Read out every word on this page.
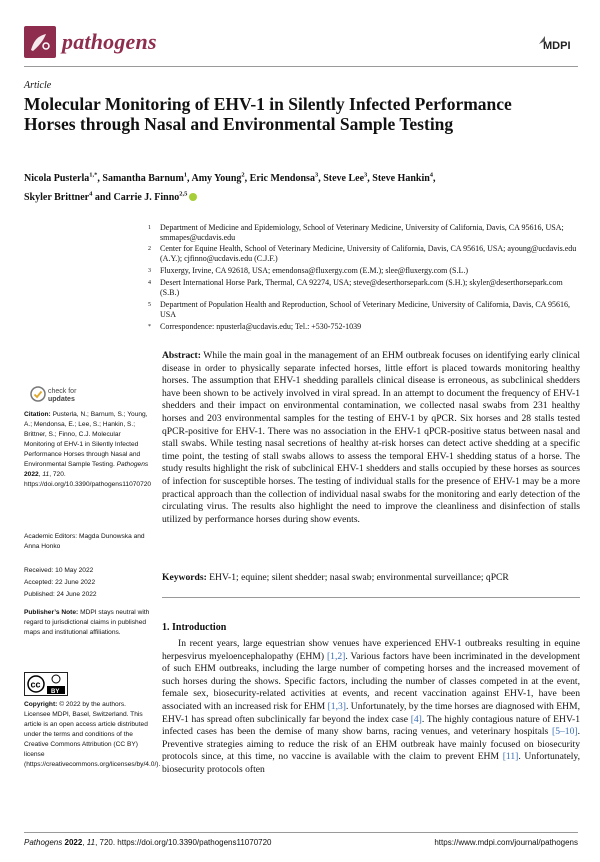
pathogens	MDPI
Article
Molecular Monitoring of EHV-1 in Silently Infected Performance Horses through Nasal and Environmental Sample Testing
Nicola Pusterla$^{1,*}$, Samantha Barnum$^1$, Amy Young$^2$, Eric Mendonsa$^3$, Steve Lee$^3$, Steve Hankin$^4$,
Skyler Brittner$^4$ and Carrie J. Finno$^{2,5}$
1 Department of Medicine and Epidemiology, School of Veterinary Medicine, University of California, Davis, CA 95616, USA; smmapes@ucdavis.edu
2 Center for Equine Health, School of Veterinary Medicine, University of California, Davis, CA 95616, USA; ayoung@ucdavis.edu (A.Y.); cjfinno@ucdavis.edu (C.J.F.)
3 Fluxergy, Irvine, CA 92618, USA; emendonsa@fluxergy.com (E.M.); slee@fluxergy.com (S.L.)
4 Desert International Horse Park, Thermal, CA 92274, USA; steve@deserthorsepark.com (S.H.); skyler@deserthorsepark.com (S.B.)
5 Department of Population Health and Reproduction, School of Veterinary Medicine, University of California, Davis, CA 95616, USA
* Correspondence: npusterla@ucdavis.edu; Tel.: +530-752-1039
check for
updates
Citation: Pusterla, N.; Barnum, S.; Young, A.; Mendonsa, E.; Lee, S.; Hankin, S.; Brittner, S.; Finno, C.J. Molecular Monitoring of EHV-1 in Silently Infected Performance Horses through Nasal and Environmental Sample Testing. Pathogens 2022, 11, 720. https://doi.org/10.3390/pathogens11070720
Academic Editors: Magda Dunowska and Anna Honko
Received: 10 May 2022
Accepted: 22 June 2022
Published: 24 June 2022
Publisher’s Note: MDPI stays neutral with regard to jurisdictional claims in published maps and institutional affiliations.
cc
BY
Copyright: © 2022 by the authors. Licensee MDPI, Basel, Switzerland. This article is an open access article distributed under the terms and conditions of the Creative Commons Attribution (CC BY) license (https://creativecommons.org/licenses/by/4.0/).
Abstract: While the main goal in the management of an EHM outbreak focuses on identifying early clinical disease in order to physically separate infected horses, little effort is placed towards monitoring healthy horses. The assumption that EHV-1 shedding parallels clinical disease is erroneous, as subclinical shedders have been shown to be actively involved in viral spread. In an attempt to document the frequency of EHV-1 shedders and their impact on environmental contamination, we collected nasal swabs from 231 healthy horses and 203 environmental samples for the testing of EHV-1 by qPCR. Six horses and 28 stalls tested qPCR-positive for EHV-1. There was no association in the EHV-1 qPCR-positive status between nasal and stall swabs. While testing nasal secretions of healthy at-risk horses can detect active shedding at a specific time point, the testing of stall swabs allows to assess the temporal EHV-1 shedding status of a horse. The study results highlight the risk of subclinical EHV-1 shedders and stalls occupied by these horses as sources of infection for susceptible horses. The testing of individual stalls for the presence of EHV-1 may be a more practical approach than the collection of individual nasal swabs for the monitoring and early detection of the circulating virus. The results also highlight the need to improve the cleanliness and disinfection of stalls utilized by performance horses during show events.
Keywords: EHV-1; equine; silent shedder; nasal swab; environmental surveillance; qPCR
1. Introduction
In recent years, large equestrian show venues have experienced EHV-1 outbreaks resulting in equine herpesvirus myeloencephalopathy (EHM) [1,2]. Various factors have been incriminated in the development of such EHM outbreaks, including the large number of competing horses and the increased movement of such horses during the shows. Specific factors, including the number of classes competed in at the event, female sex, biosecurity-related activities at events, and recent vaccination against EHV-1, have been associated with an increased risk for EHM [1,3]. Unfortunately, by the time horses are diagnosed with EHM, EHV-1 has spread often subclinically far beyond the index case [4]. The highly contagious nature of EHV-1 infected cases has been the demise of many show barns, racing venues, and veterinary hospitals [5–10]. Preventive strategies aiming to reduce the risk of an EHM outbreak have mainly focused on biosecurity protocols since, at this time, no vaccine is available with the claim to prevent EHM [11]. Unfortunately, biosecurity protocols often
Pathogens 2022, 11, 720. https://doi.org/10.3390/pathogens11070720	https://www.mdpi.com/journal/pathogens
